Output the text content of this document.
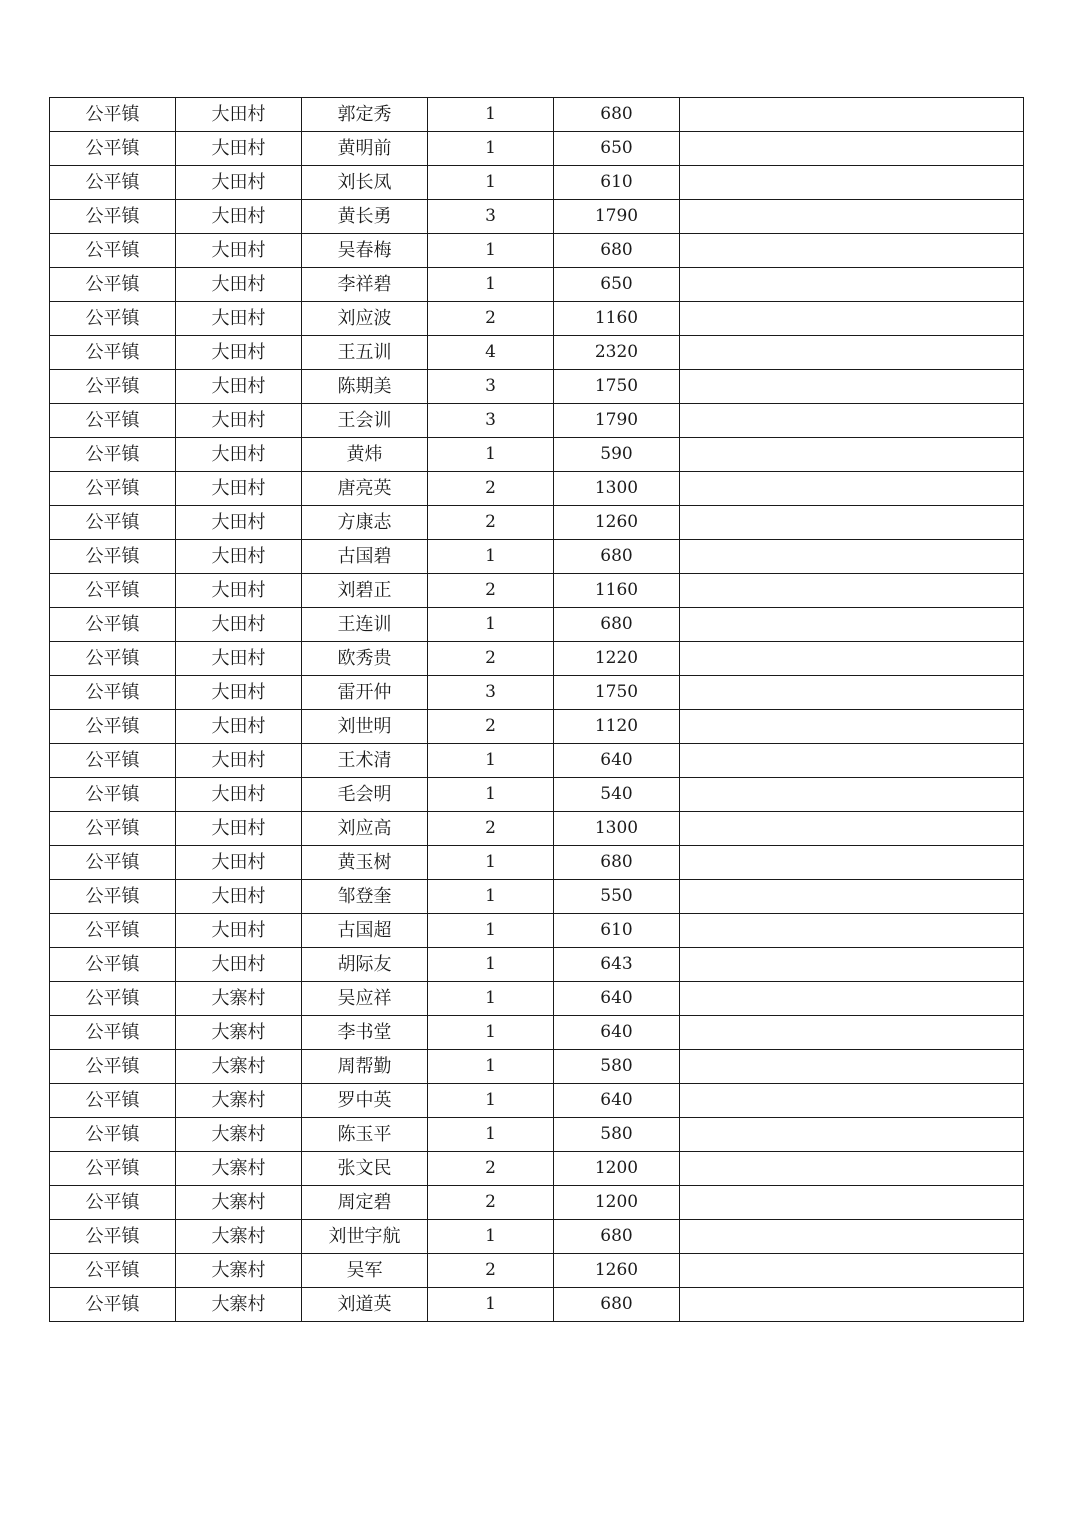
公平镇	大田村	郭定秀	1	680	
公平镇	大田村	黄明前	1	650	
公平镇	大田村	刘长凤	1	610	
公平镇	大田村	黄长勇	3	1790	
公平镇	大田村	吴春梅	1	680	
公平镇	大田村	李祥碧	1	650	
公平镇	大田村	刘应波	2	1160	
公平镇	大田村	王五训	4	2320	
公平镇	大田村	陈期美	3	1750	
公平镇	大田村	王会训	3	1790	
公平镇	大田村	黄炜	1	590	
公平镇	大田村	唐亮英	2	1300	
公平镇	大田村	方康志	2	1260	
公平镇	大田村	古国碧	1	680	
公平镇	大田村	刘碧正	2	1160	
公平镇	大田村	王连训	1	680	
公平镇	大田村	欧秀贵	2	1220	
公平镇	大田村	雷开仲	3	1750	
公平镇	大田村	刘世明	2	1120	
公平镇	大田村	王术清	1	640	
公平镇	大田村	毛会明	1	540	
公平镇	大田村	刘应高	2	1300	
公平镇	大田村	黄玉树	1	680	
公平镇	大田村	邹登奎	1	550	
公平镇	大田村	古国超	1	610	
公平镇	大田村	胡际友	1	643	
公平镇	大寨村	吴应祥	1	640	
公平镇	大寨村	李书堂	1	640	
公平镇	大寨村	周帮勤	1	580	
公平镇	大寨村	罗中英	1	640	
公平镇	大寨村	陈玉平	1	580	
公平镇	大寨村	张文民	2	1200	
公平镇	大寨村	周定碧	2	1200	
公平镇	大寨村	刘世宇航	1	680	
公平镇	大寨村	吴军	2	1260	
公平镇	大寨村	刘道英	1	680	
